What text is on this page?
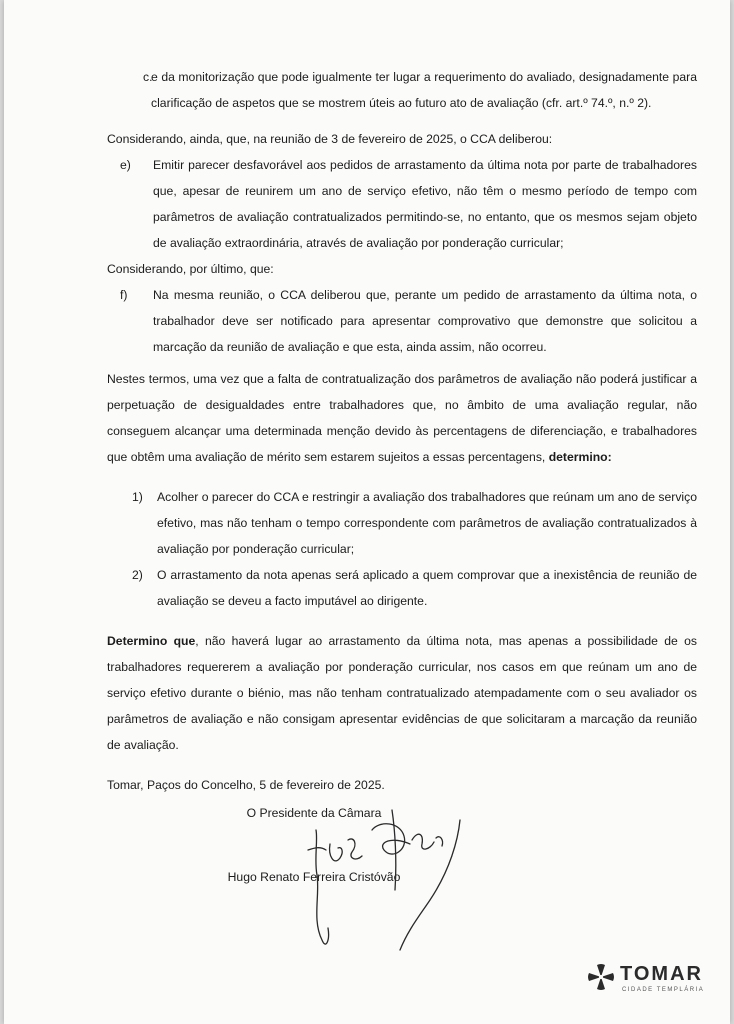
c.
e da monitorização que pode igualmente ter lugar a requerimento do avaliado, designadamente para clarificação de aspetos que se mostrem úteis ao futuro ato de avaliação (cfr. art.º 74.º, n.º 2).

Considerando, ainda, que, na reunião de 3 de fevereiro de 2025, o CCA deliberou:

e) Emitir parecer desfavorável aos pedidos de arrastamento da última nota por parte de trabalhadores que, apesar de reunirem um ano de serviço efetivo, não têm o mesmo período de tempo com parâmetros de avaliação contratualizados permitindo-se, no entanto, que os mesmos sejam objeto de avaliação extraordinária, através de avaliação por ponderação curricular;

Considerando, por último, que:

f) Na mesma reunião, o CCA deliberou que, perante um pedido de arrastamento da última nota, o trabalhador deve ser notificado para apresentar comprovativo que demonstre que solicitou a marcação da reunião de avaliação e que esta, ainda assim, não ocorreu.

Nestes termos, uma vez que a falta de contratualização dos parâmetros de avaliação não poderá justificar a perpetuação de desigualdades entre trabalhadores que, no âmbito de uma avaliação regular, não conseguem alcançar uma determinada menção devido às percentagens de diferenciação, e trabalhadores que obtêm uma avaliação de mérito sem estarem sujeitos a essas percentagens, determino:

1) Acolher o parecer do CCA e restringir a avaliação dos trabalhadores que reúnam um ano de serviço efetivo, mas não tenham o tempo correspondente com parâmetros de avaliação contratualizados à avaliação por ponderação curricular;
2) O arrastamento da nota apenas será aplicado a quem comprovar que a inexistência de reunião de avaliação se deveu a facto imputável ao dirigente.

Determino que, não haverá lugar ao arrastamento da última nota, mas apenas a possibilidade de os trabalhadores requererem a avaliação por ponderação curricular, nos casos em que reúnam um ano de serviço efetivo durante o biénio, mas não tenham contratualizado atempadamente com o seu avaliador os parâmetros de avaliação e não consigam apresentar evidências de que solicitaram a marcação da reunião de avaliação.

Tomar, Paços do Concelho, 5 de fevereiro de 2025.

O Presidente da Câmara
Hugo Renato Ferreira Cristóvão
TOMAR
CIDADE TEMPLÁRIA
